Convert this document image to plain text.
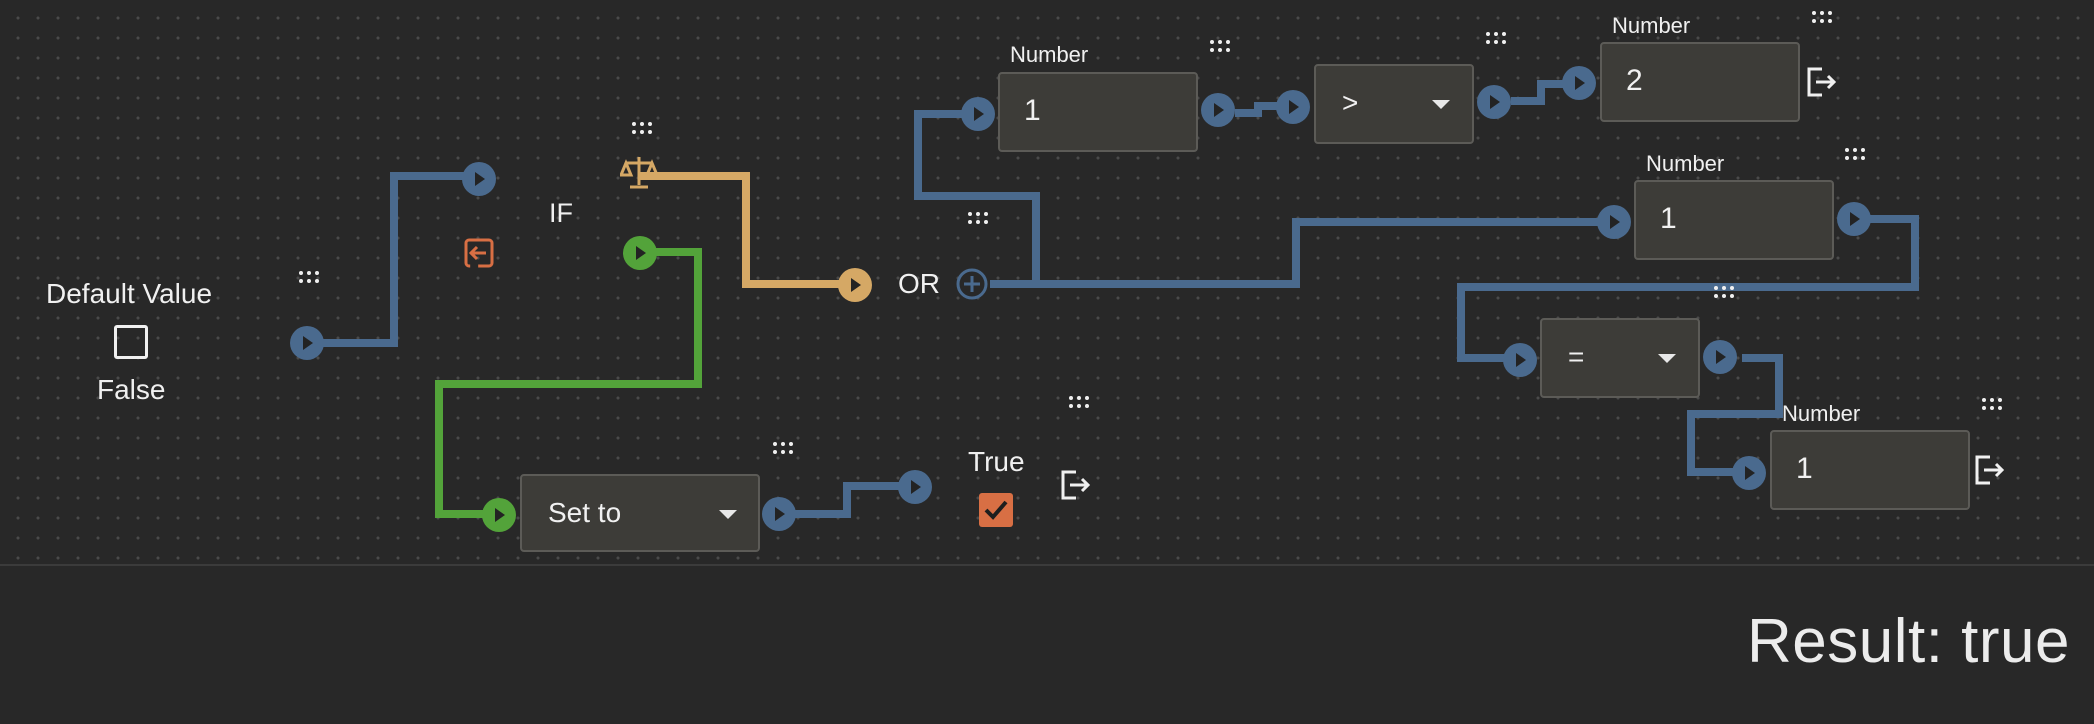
Default Value
False
IF
OR
Set to
True
Number
1	>
Number
2
Number
1
=
Number
1
Result: true
